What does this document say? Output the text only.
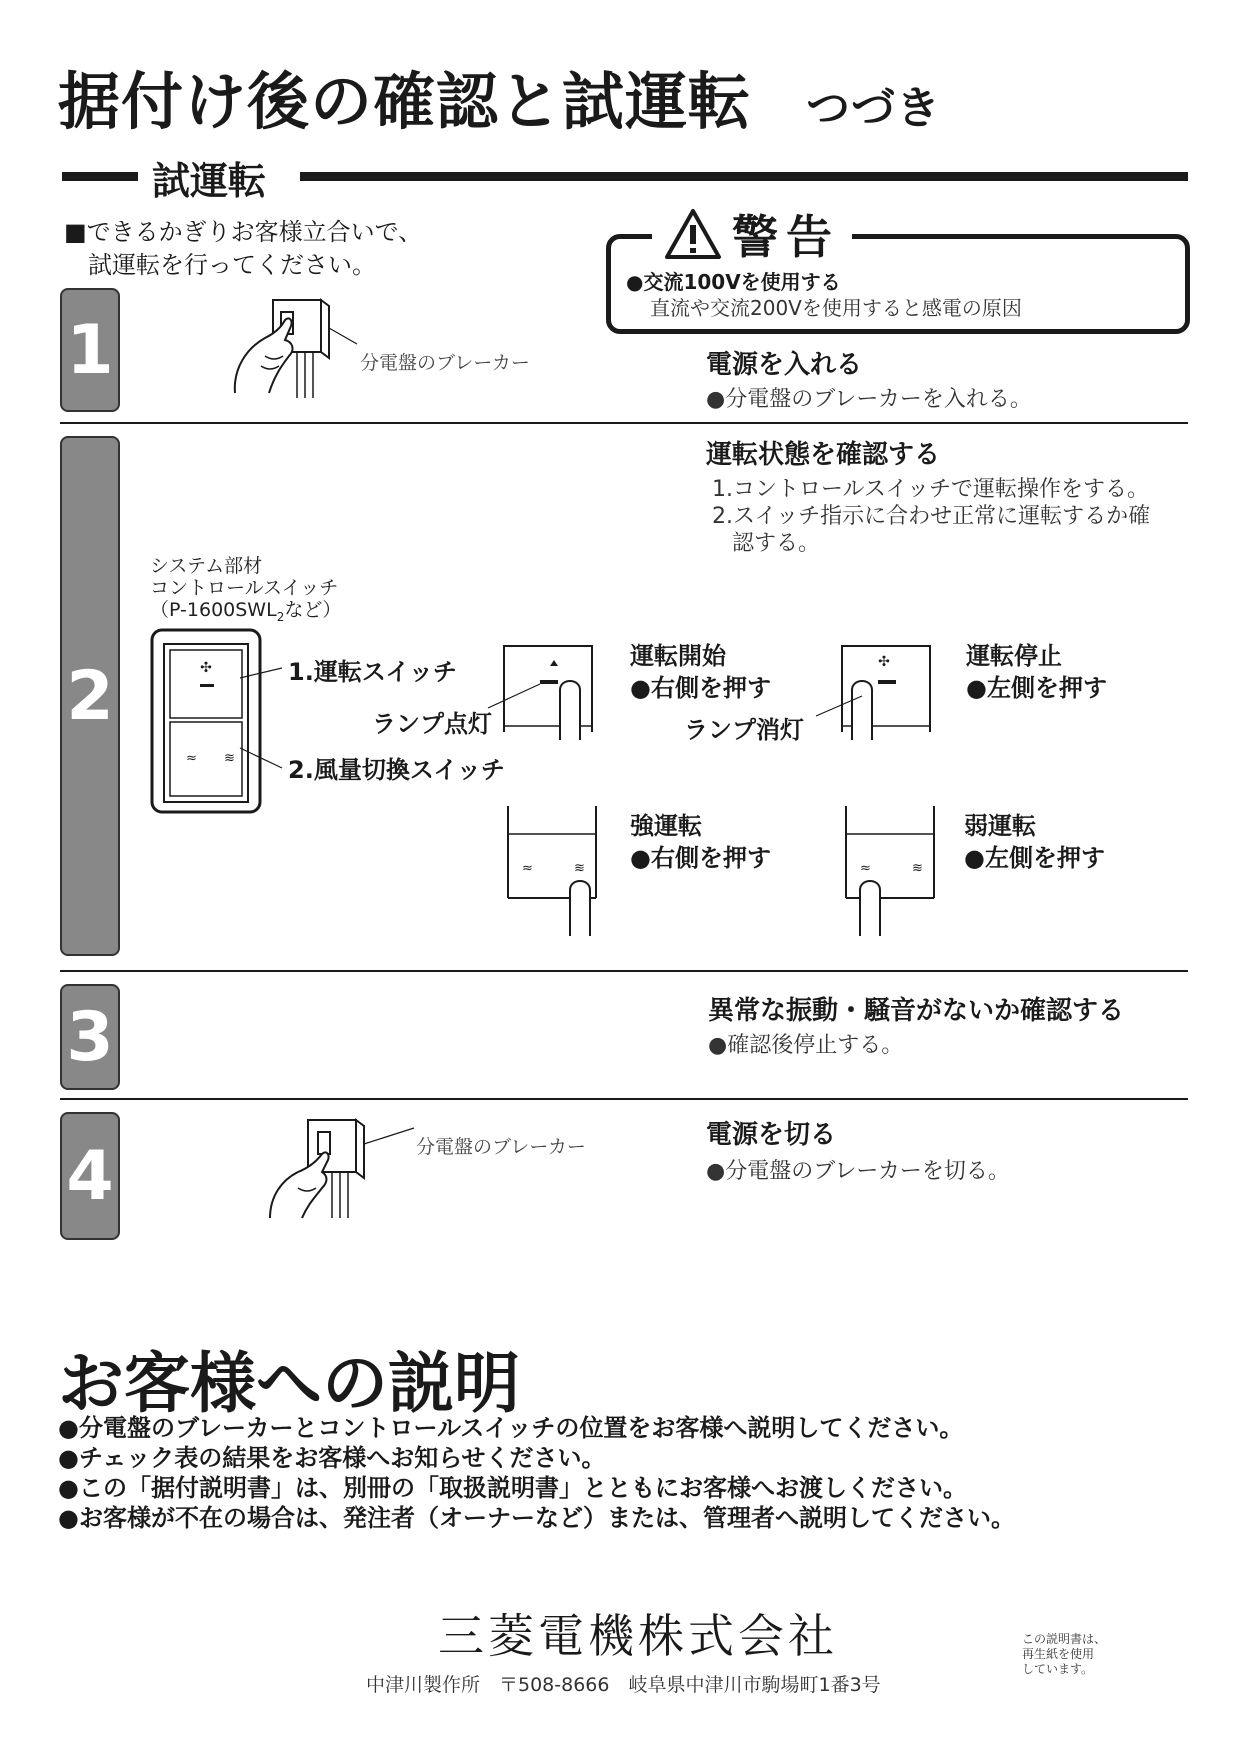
据付け後の確認と試運転 つづき
試運転
■できるかぎりお客様立合いで、
試運転を行ってください。
警告
●交流100Vを使用する
直流や交流200Vを使用すると感電の原因
1	分電盤のブレーカー	電源を入れる
●分電盤のブレーカーを入れる。
2
運転状態を確認する
1.コントロールスイッチで運転操作をする。
2.スイッチ指示に合わせ正常に運転するか確
認する。
システム部材
コントロールスイッチ
（$P-1600SWL_2$など）
✣
≈ ≋
1.運転スイッチ
2.風量切換スイッチ
ランプ点灯
運転開始
●右側を押す
✣	運転停止
●左側を押す
ランプ消灯
≈	≋
強運転
●右側を押す	≈	≋
弱運転
●左側を押す
3	異常な振動・騒音がないか確認する
●確認後停止する。
4	分電盤のブレーカー	電源を切る
●分電盤のブレーカーを切る。
お客様への説明
●分電盤のブレーカーとコントロールスイッチの位置をお客様へ説明してください。
●チェック表の結果をお客様へお知らせください。
●この「据付説明書」は、別冊の「取扱説明書」とともにお客様へお渡しください。
●お客様が不在の場合は、発注者（オーナーなど）または、管理者へ説明してください。
三菱電機株式会社
中津川製作所　〒508-8666　岐阜県中津川市駒場町1番3号
この説明書は、
再生紙を使用
しています。
